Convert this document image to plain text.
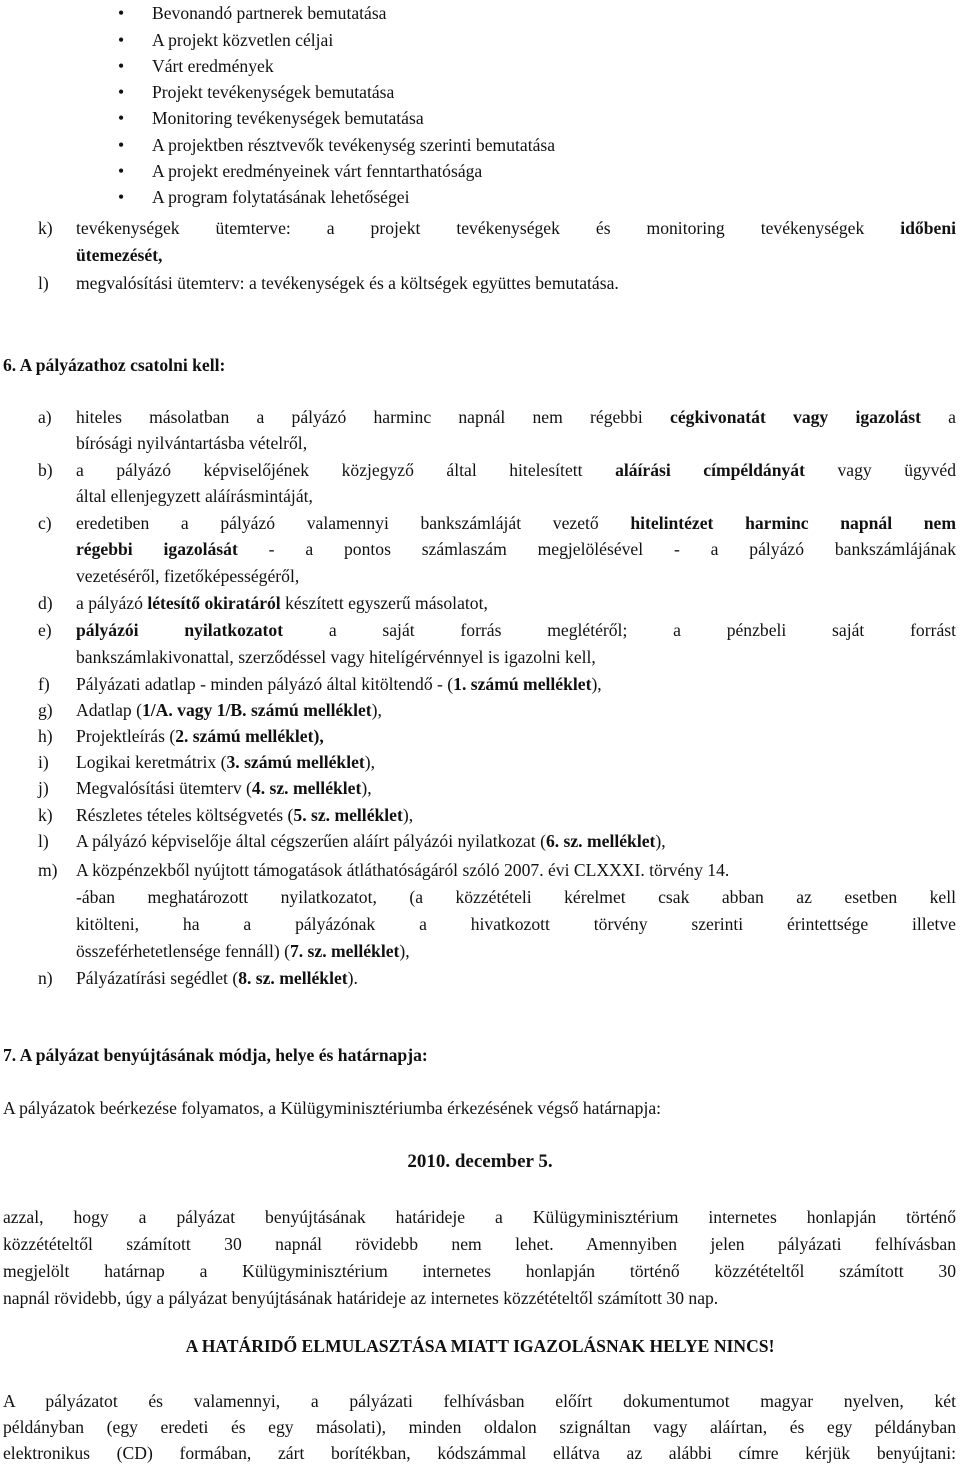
• Bevonandó partnerek bemutatása
• A projekt közvetlen céljai
• Várt eredmények
• Projekt tevékenységek bemutatása
• Monitoring tevékenységek bemutatása
• A projektben résztvevők tevékenység szerinti bemutatása
• A projekt eredményeinek várt fenntarthatósága
• A program folytatásának lehetőségei
k) tevékenységek ütemterve: a projekt tevékenységek és monitoring tevékenységek időbeni
ütemezését,
l) megvalósítási ütemterv: a tevékenységek és a költségek együttes bemutatása.
6. A pályázathoz csatolni kell:
a) hiteles másolatban a pályázó harminc napnál nem régebbi cégkivonatát vagy igazolást a
bírósági nyilvántartásba vételről,
b) a pályázó képviselőjének közjegyző által hitelesített aláírási címpéldányát vagy ügyvéd
által ellenjegyzett aláírásmintáját,
c) eredetiben a pályázó valamennyi bankszámláját vezető hitelintézet harminc napnál nem
régebbi igazolását - a pontos számlaszám megjelölésével - a pályázó bankszámlájának
vezetéséről, fizetőképességéről,
d) a pályázó létesítő okiratáról készített egyszerű másolatot,
e) pályázói nyilatkozatot a saját forrás meglétéről; a pénzbeli saját forrást
bankszámlakivonattal, szerződéssel vagy hitelígérvénnyel is igazolni kell,
f) Pályázati adatlap - minden pályázó által kitöltendő - (1. számú melléklet),
g) Adatlap (1/A. vagy 1/B. számú melléklet),
h) Projektleírás (2. számú melléklet),
i) Logikai keretmátrix (3. számú melléklet),
j) Megvalósítási ütemterv (4. sz. melléklet),
k) Részletes tételes költségvetés (5. sz. melléklet),
l) A pályázó képviselője által cégszerűen aláírt pályázói nyilatkozat (6. sz. melléklet),
m) A közpénzekből nyújtott támogatások átláthatóságáról szóló 2007. évi CLXXXI. törvény 14.
-ában meghatározott nyilatkozatot, (a közzétételi kérelmet csak abban az esetben kell
kitölteni, ha a pályázónak a hivatkozott törvény szerinti érintettsége illetve
összeférhetetlensége fennáll) (7. sz. melléklet),
n) Pályázatírási segédlet (8. sz. melléklet).
7. A pályázat benyújtásának módja, helye és határnapja:
A pályázatok beérkezése folyamatos, a Külügyminisztériumba érkezésének végső határnapja:
2010. december 5.
azzal, hogy a pályázat benyújtásának határideje a Külügyminisztérium internetes honlapján történő
közzétételtől számított 30 napnál rövidebb nem lehet. Amennyiben jelen pályázati felhívásban
megjelölt határnap a Külügyminisztérium internetes honlapján történő közzétételtől számított 30
napnál rövidebb, úgy a pályázat benyújtásának határideje az internetes közzétételtől számított 30 nap.
A HATÁRIDŐ ELMULASZTÁSA MIATT IGAZOLÁSNAK HELYE NINCS!
A pályázatot és valamennyi, a pályázati felhívásban előírt dokumentumot magyar nyelven, két
példányban (egy eredeti és egy másolati), minden oldalon szignáltan vagy aláírtan, és egy példányban
elektronikus (CD) formában, zárt borítékban, kódszámmal ellátva az alábbi címre kérjük benyújtani:
